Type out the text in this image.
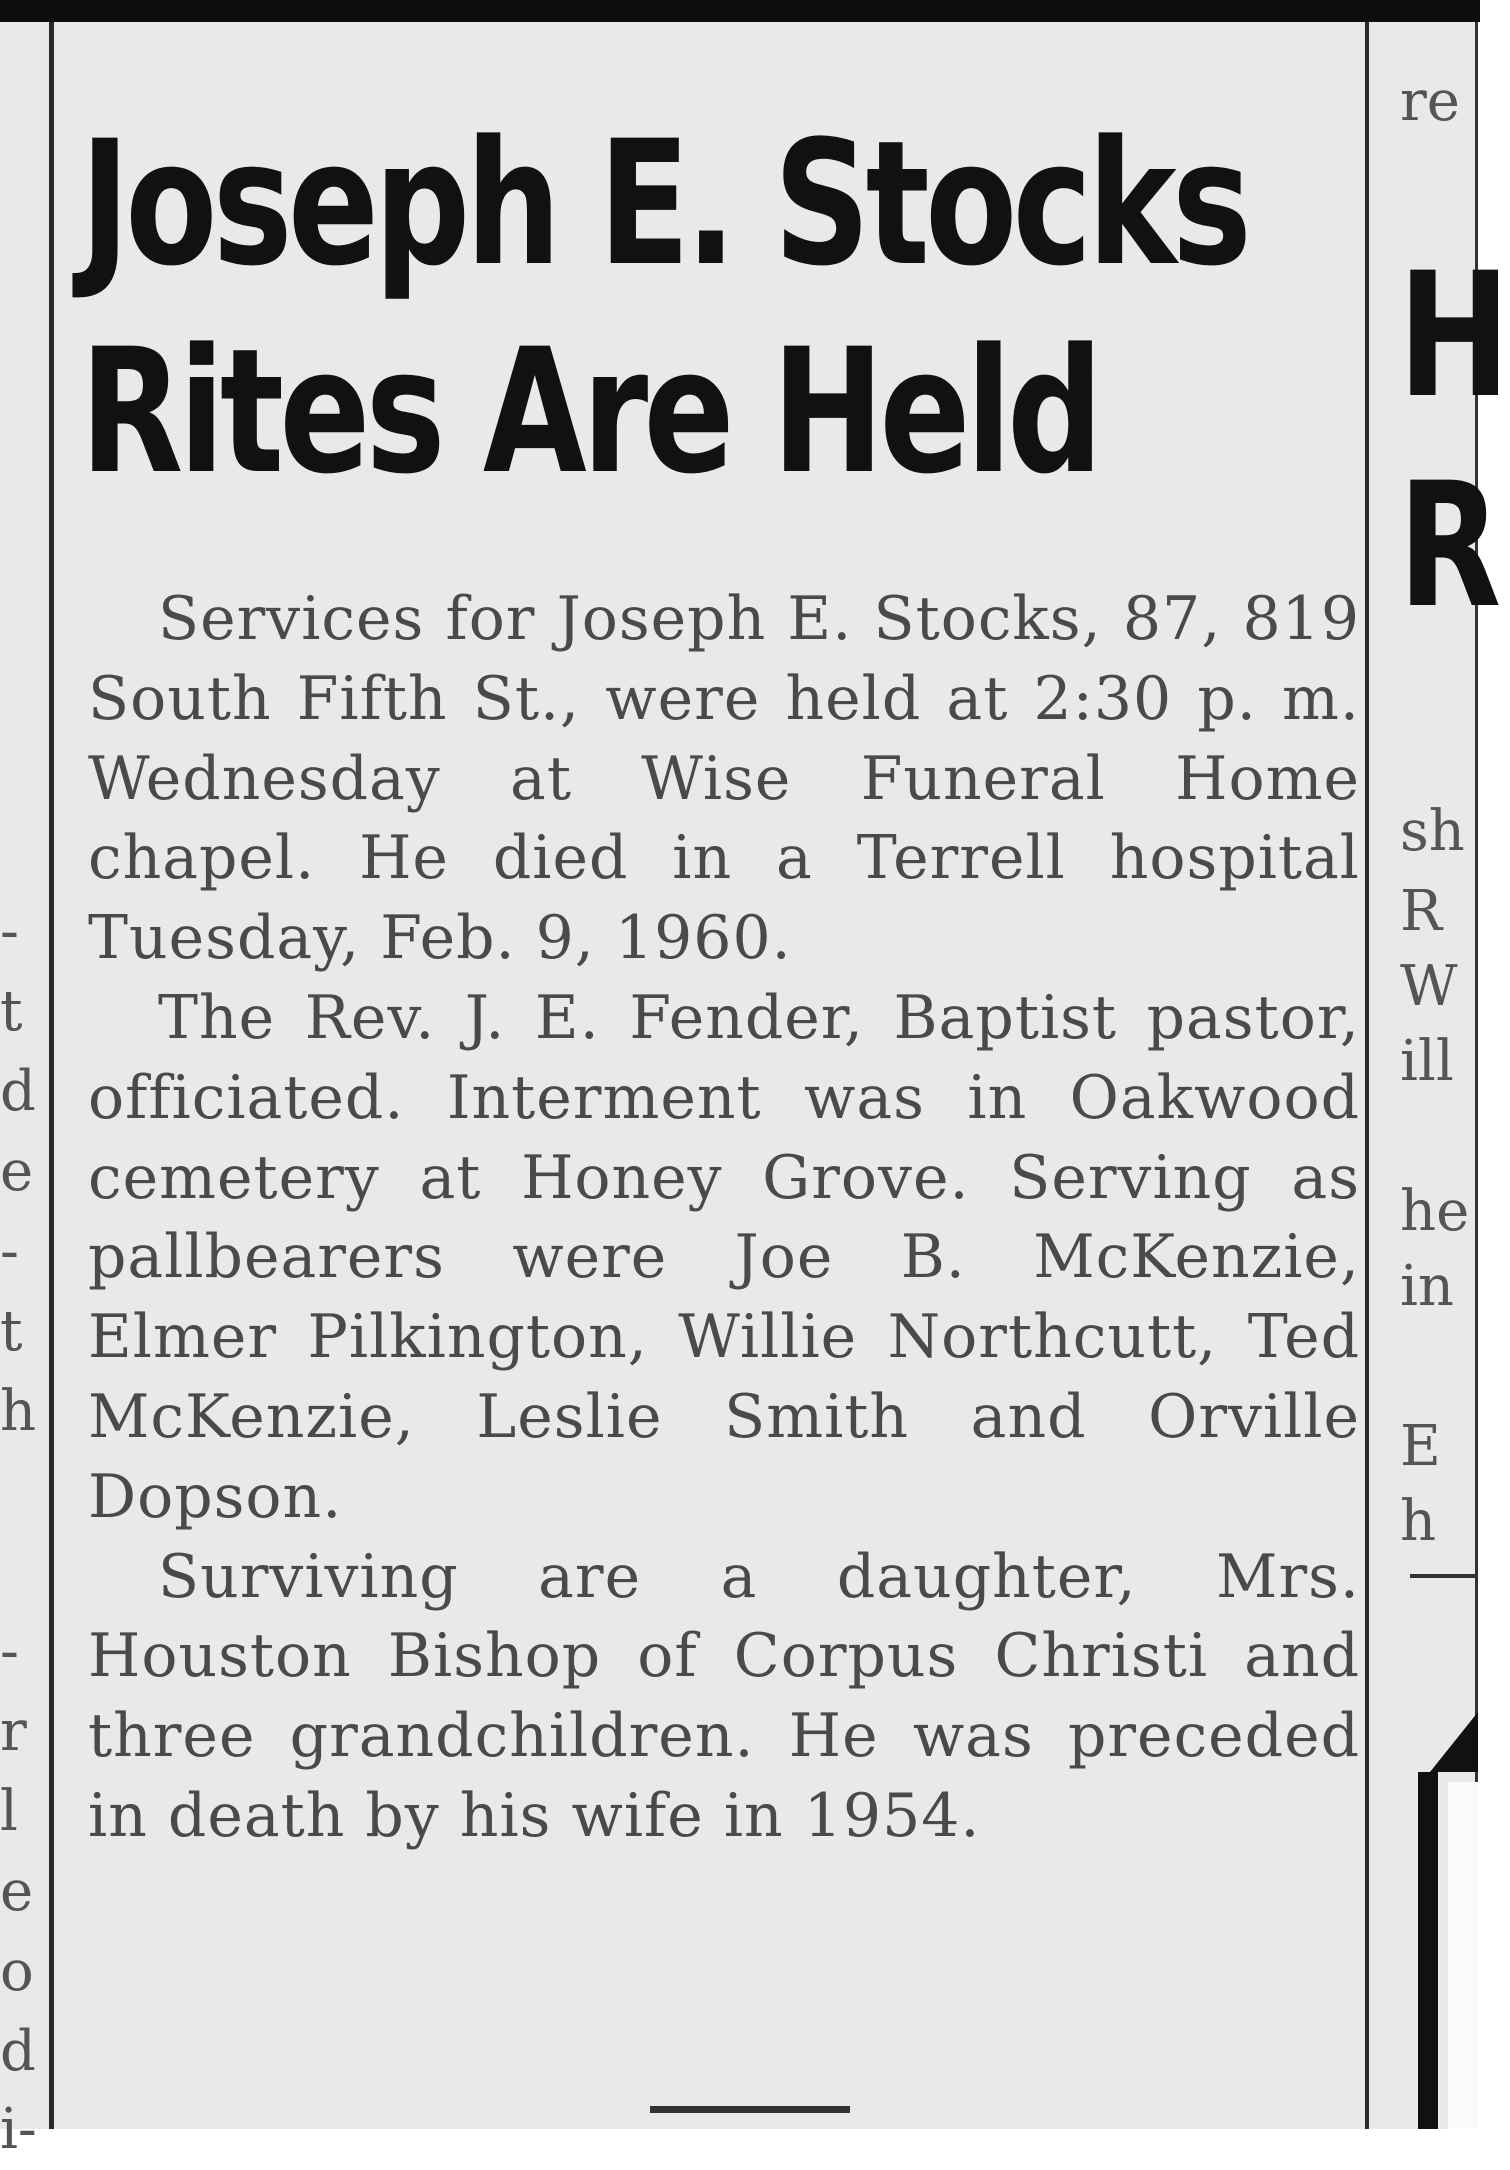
-
t
d
e
-
t
h
-
r
l
e
o
d
i-
Joseph E. Stocks
Rites Are Held

Services for Joseph E. Stocks, 87, 819 South Fifth St., were held at 2:30 p. m. Wednesday at Wise Funeral Home chapel. He died in a Terrell hospital Tuesday, Feb. 9, 1960.

The Rev. J. E. Fender, Baptist pastor, officiated. Interment was in Oakwood cemetery at Honey Grove. Serving as pallbearers were Joe B. McKenzie, Elmer Pilkington, Willie Northcutt, Ted McKenzie, Leslie Smith and Orville Dopson.

Surviving are a daughter, Mrs. Houston Bishop of Corpus Christi and three grandchildren. He was preceded in death by his wife in 1954.

re
H
R
sh
R
W
ill
he
in
E
h
